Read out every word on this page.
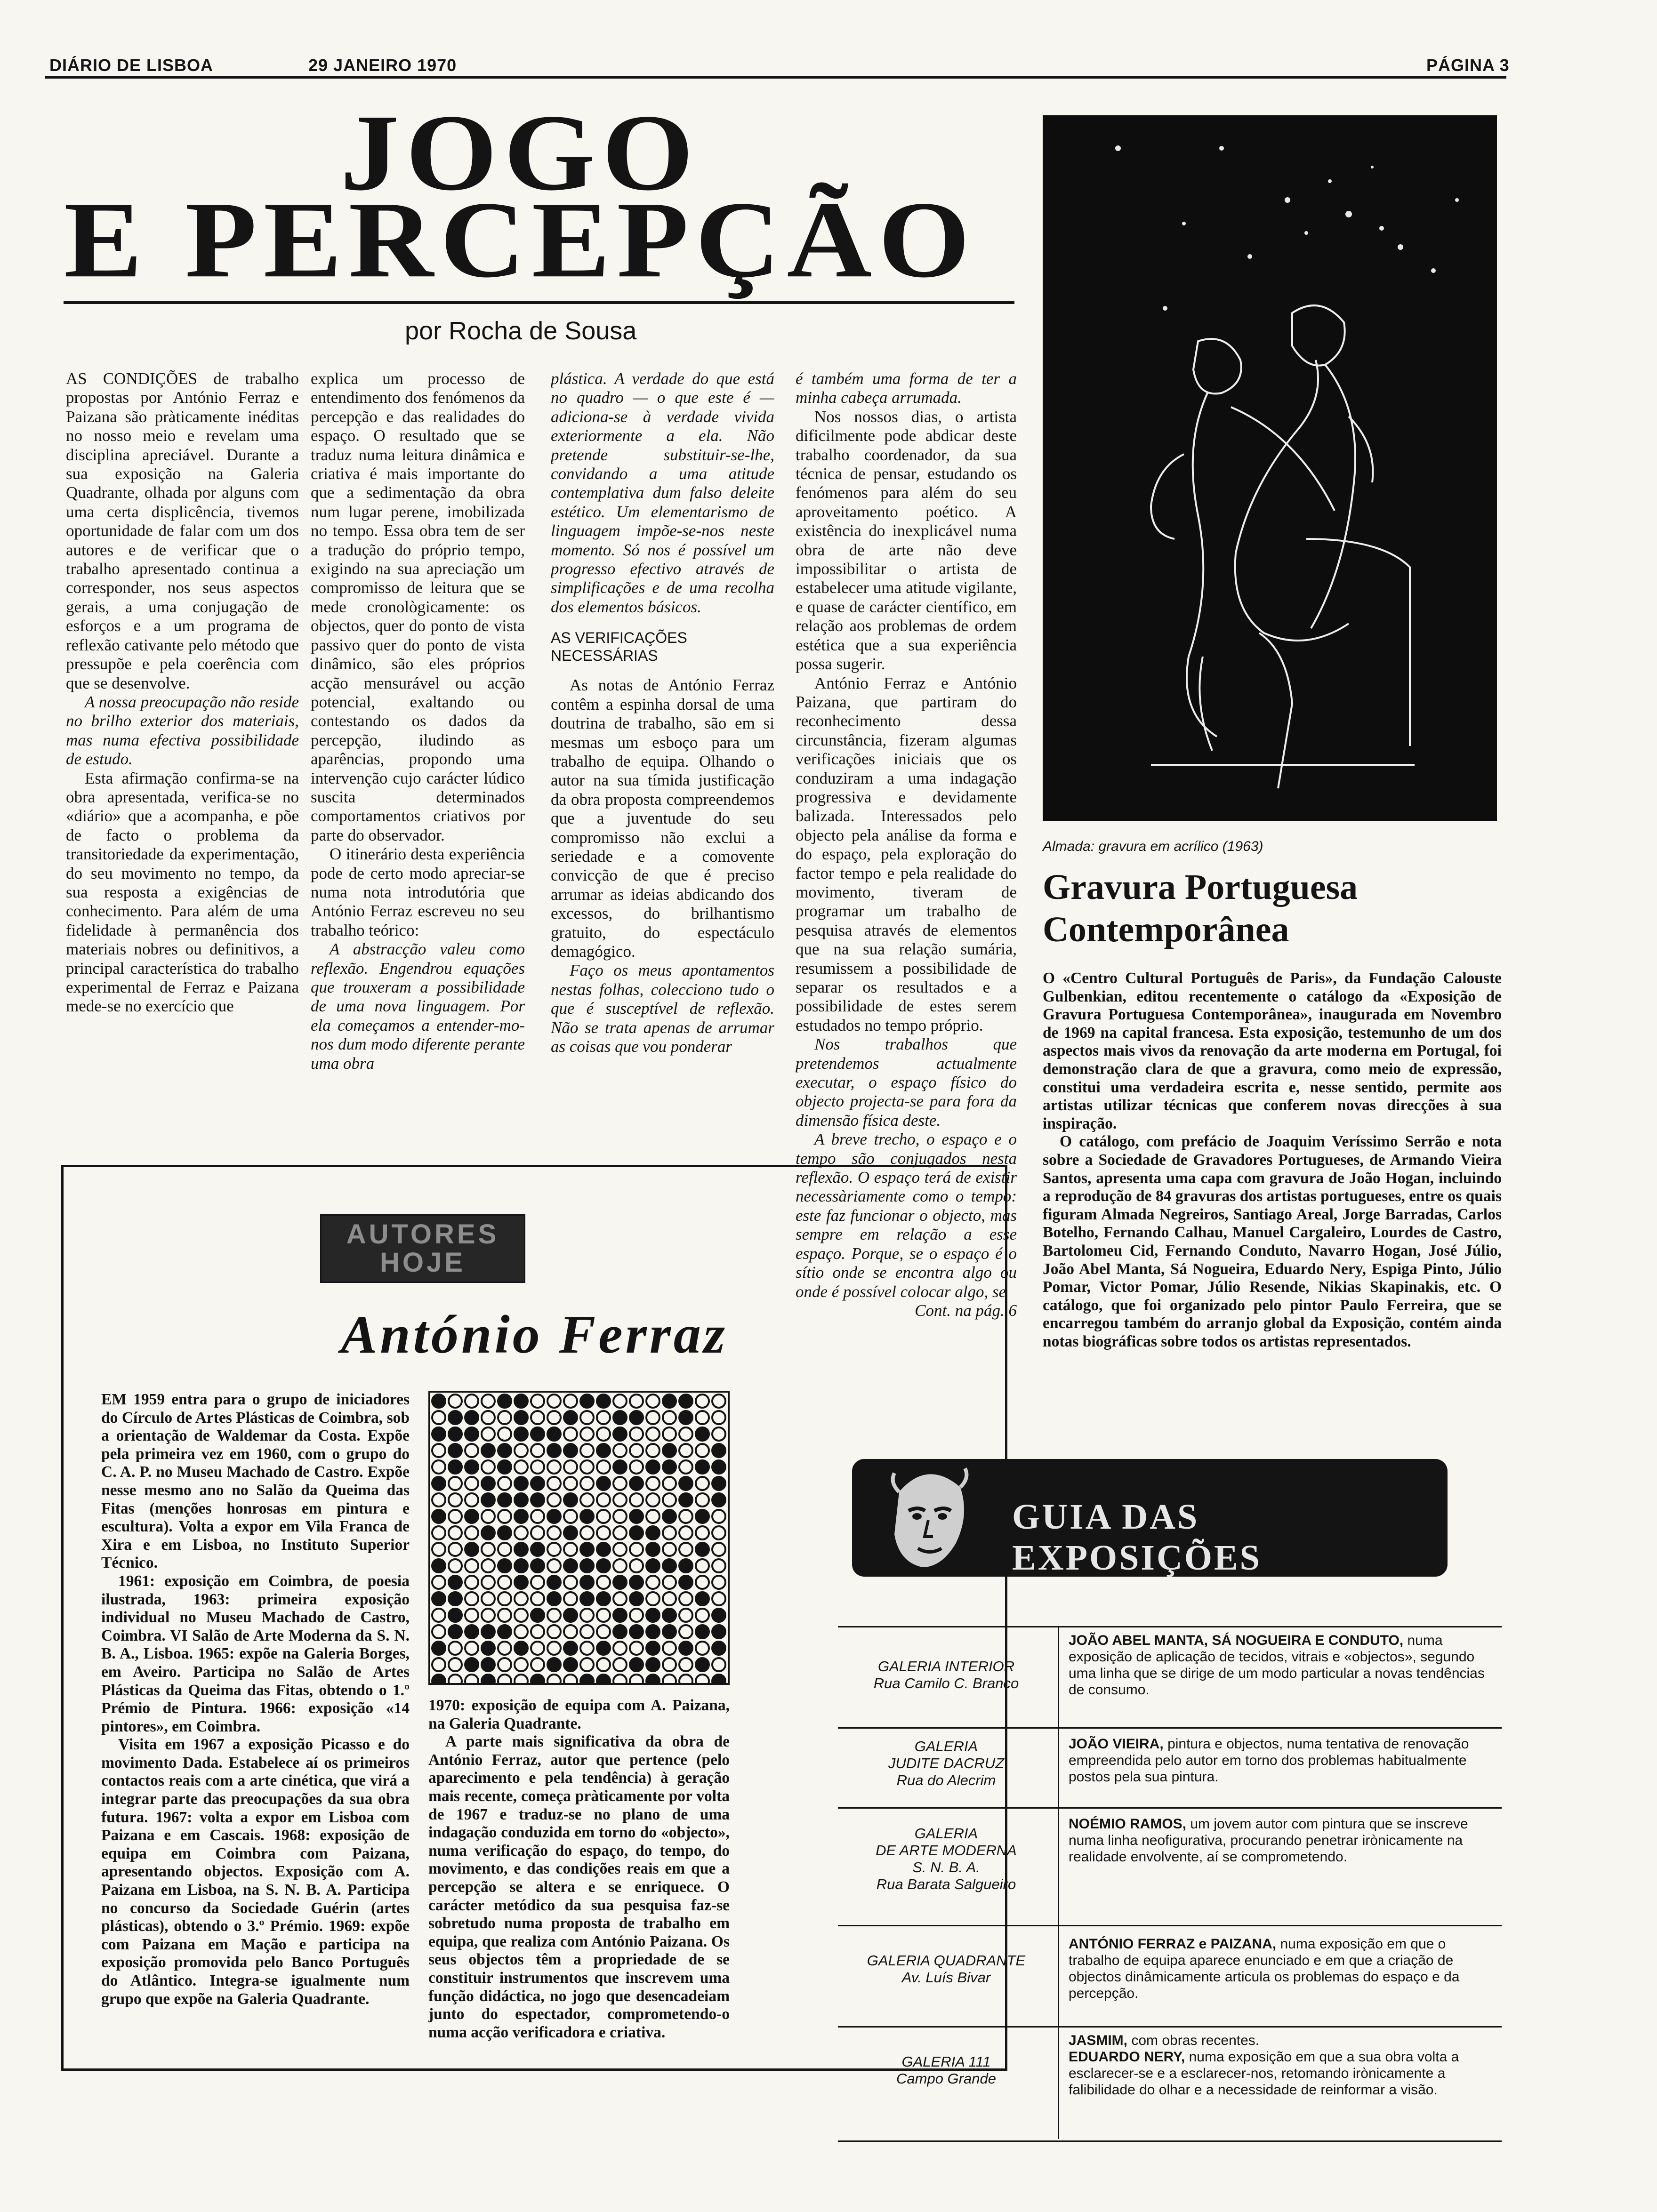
DIÁRIO DE LISBOA	29 JANEIRO 1970	PÁGINA 3
JOGO
E PERCEPÇÃO
por Rocha de Sousa

AS CONDIÇÕES de trabalho propostas por António Ferraz e Paizana são pràticamente inéditas no nosso meio e revelam uma disciplina apreciável. Durante a sua exposição na Galeria Quadrante, olhada por alguns com uma certa displicência, tivemos oportunidade de falar com um dos autores e de verificar que o trabalho apresentado continua a corresponder, nos seus aspectos gerais, a uma conjugação de esforços e a um programa de reflexão cativante pelo método que pressupõe e pela coerência com que se desenvolve.

A nossa preocupação não reside no brilho exterior dos materiais, mas numa efectiva possibilidade de estudo.

Esta afirmação confirma-se na obra apresentada, verifica-se no «diário» que a acompanha, e põe de facto o problema da transitoriedade da experimentação, do seu movimento no tempo, da sua resposta a exigências de conhecimento. Para além de uma fidelidade à permanência dos materiais nobres ou definitivos, a principal característica do trabalho experimental de Ferraz e Paizana mede-se no exercício que

explica um processo de entendimento dos fenómenos da percepção e das realidades do espaço. O resultado que se traduz numa leitura dinâmica e criativa é mais importante do que a sedimentação da obra num lugar perene, imobilizada no tempo. Essa obra tem de ser a tradução do próprio tempo, exigindo na sua apreciação um compromisso de leitura que se mede cronològicamente: os objectos, quer do ponto de vista passivo quer do ponto de vista dinâmico, são eles próprios acção mensurável ou acção potencial, exaltando ou contestando os dados da percepção, iludindo as aparências, propondo uma intervenção cujo carácter lúdico suscita determinados comportamentos criativos por parte do observador.

O itinerário desta experiência pode de certo modo apreciar-se numa nota introdutória que António Ferraz escreveu no seu trabalho teórico:

A abstracção valeu como reflexão. Engendrou equações que trouxeram a possibilidade de uma nova linguagem. Por ela começamos a entender-mo-nos dum modo diferente perante uma obra

plástica. A verdade do que está no quadro — o que este é — adiciona-se à verdade vivida exteriormente a ela. Não pretende substituir-se-lhe, convidando a uma atitude contemplativa dum falso deleite estético. Um elementarismo de linguagem impõe-se-nos neste momento. Só nos é possível um progresso efectivo através de simplificações e de uma recolha dos elementos básicos.

AS VERIFICAÇÕES NECESSÁRIAS

As notas de António Ferraz contêm a espinha dorsal de uma doutrina de trabalho, são em si mesmas um esboço para um trabalho de equipa. Olhando o autor na sua tímida justificação da obra proposta compreendemos que a juventude do seu compromisso não exclui a seriedade e a comovente convicção de que é preciso arrumar as ideias abdicando dos excessos, do brilhantismo gratuito, do espectáculo demagógico.

Faço os meus apontamentos nestas folhas, colecciono tudo o que é susceptível de reflexão. Não se trata apenas de arrumar as coisas que vou ponderar

é também uma forma de ter a minha cabeça arrumada.

Nos nossos dias, o artista dificilmente pode abdicar deste trabalho coordenador, da sua técnica de pensar, estudando os fenómenos para além do seu aproveitamento poético. A existência do inexplicável numa obra de arte não deve impossibilitar o artista de estabelecer uma atitude vigilante, e quase de carácter científico, em relação aos problemas de ordem estética que a sua experiência possa sugerir.

António Ferraz e António Paizana, que partiram do reconhecimento dessa circunstância, fizeram algumas verificações iniciais que os conduziram a uma indagação progressiva e devidamente balizada. Interessados pelo objecto pela análise da forma e do espaço, pela exploração do factor tempo e pela realidade do movimento, tiveram de programar um trabalho de pesquisa através de elementos que na sua relação sumária, resumissem a possibilidade de separar os resultados e a possibilidade de estes serem estudados no tempo próprio.

Nos trabalhos que pretendemos actualmente executar, o espaço físico do objecto projecta-se para fora da dimensão física deste.

A breve trecho, o espaço e o tempo são conjugados nesta reflexão. O espaço terá de existir necessàriamente como o tempo: este faz funcionar o objecto, mas sempre em relação a esse espaço. Porque, se o espaço é o sítio onde se encontra algo ou onde é possível colocar algo, se

Cont. na pág. 6

Almada: gravura em acrílico (1963)
Gravura Portuguesa
Contemporânea

O «Centro Cultural Português de Paris», da Fundação Calouste Gulbenkian, editou recentemente o catálogo da «Exposição de Gravura Portuguesa Contemporânea», inaugurada em Novembro de 1969 na capital francesa. Esta exposição, testemunho de um dos aspectos mais vivos da renovação da arte moderna em Portugal, foi demonstração clara de que a gravura, como meio de expressão, constitui uma verdadeira escrita e, nesse sentido, permite aos artistas utilizar técnicas que conferem novas direcções à sua inspiração.

O catálogo, com prefácio de Joaquim Veríssimo Serrão e nota sobre a Sociedade de Gravadores Portugueses, de Armando Vieira Santos, apresenta uma capa com gravura de João Hogan, incluindo a reprodução de 84 gravuras dos artistas portugueses, entre os quais figuram Almada Negreiros, Santiago Areal, Jorge Barradas, Carlos Botelho, Fernando Calhau, Manuel Cargaleiro, Lourdes de Castro, Bartolomeu Cid, Fernando Conduto, Navarro Hogan, José Júlio, João Abel Manta, Sá Nogueira, Eduardo Nery, Espiga Pinto, Júlio Pomar, Victor Pomar, Júlio Resende, Nikias Skapinakis, etc. O catálogo, que foi organizado pelo pintor Paulo Ferreira, que se encarregou também do arranjo global da Exposição, contém ainda notas biográficas sobre todos os artistas representados.

AUTORES HOJE
António Ferraz

EM 1959 entra para o grupo de iniciadores do Círculo de Artes Plásticas de Coimbra, sob a orientação de Waldemar da Costa. Expõe pela primeira vez em 1960, com o grupo do C. A. P. no Museu Machado de Castro. Expõe nesse mesmo ano no Salão da Queima das Fitas (menções honrosas em pintura e escultura). Volta a expor em Vila Franca de Xira e em Lisboa, no Instituto Superior Técnico.

1961: exposição em Coimbra, de poesia ilustrada, 1963: primeira exposição individual no Museu Machado de Castro, Coimbra. VI Salão de Arte Moderna da S. N. B. A., Lisboa. 1965: expõe na Galeria Borges, em Aveiro. Participa no Salão de Artes Plásticas da Queima das Fitas, obtendo o 1.º Prémio de Pintura. 1966: exposição «14 pintores», em Coimbra.

Visita em 1967 a exposição Picasso e do movimento Dada. Estabelece aí os primeiros contactos reais com a arte cinética, que virá a integrar parte das preocupações da sua obra futura. 1967: volta a expor em Lisboa com Paizana e em Cascais. 1968: exposição de equipa em Coimbra com Paizana, apresentando objectos. Exposição com A. Paizana em Lisboa, na S. N. B. A. Participa no concurso da Sociedade Guérin (artes plásticas), obtendo o 3.º Prémio. 1969: expõe com Paizana em Mação e participa na exposição promovida pelo Banco Português do Atlântico. Integra-se igualmente num grupo que expõe na Galeria Quadrante.

1970: exposição de equipa com A. Paizana, na Galeria Quadrante.

A parte mais significativa da obra de António Ferraz, autor que pertence (pelo aparecimento e pela tendência) à geração mais recente, começa pràticamente por volta de 1967 e traduz-se no plano de uma indagação conduzida em torno do «objecto», numa verificação do espaço, do tempo, do movimento, e das condições reais em que a percepção se altera e se enriquece. O carácter metódico da sua pesquisa faz-se sobretudo numa proposta de trabalho em equipa, que realiza com António Paizana. Os seus objectos têm a propriedade de se constituir instrumentos que inscrevem uma função didáctica, no jogo que desencadeiam junto do espectador, comprometendo-o numa acção verificadora e criativa.

GUIA DAS EXPOSIÇÕES
GALERIA INTERIOR
Rua Camilo C. Branco
JOÃO ABEL MANTA, SÁ NOGUEIRA E CONDUTO, numa exposição de aplicação de tecidos, vitrais e «objectos», segundo uma linha que se dirige de um modo particular a novas tendências de consumo.
GALERIA
JUDITE DACRUZ
Rua do Alecrim
JOÃO VIEIRA, pintura e objectos, numa tentativa de renovação empreendida pelo autor em torno dos problemas habitualmente postos pela sua pintura.
GALERIA
DE ARTE MODERNA
S. N. B. A.
Rua Barata Salgueiro
NOÉMIO RAMOS, um jovem autor com pintura que se inscreve numa linha neofigurativa, procurando penetrar irònicamente na realidade envolvente, aí se comprometendo.
GALERIA QUADRANTE
Av. Luís Bivar
ANTÓNIO FERRAZ e PAIZANA, numa exposição em que o trabalho de equipa aparece enunciado e em que a criação de objectos dinâmicamente articula os problemas do espaço e da percepção.
GALERIA 111
Campo Grande
JASMIM, com obras recentes.
EDUARDO NERY, numa exposição em que a sua obra volta a esclarecer-se e a esclarecer-nos, retomando irònicamente a falibilidade do olhar e a necessidade de reinformar a visão.
